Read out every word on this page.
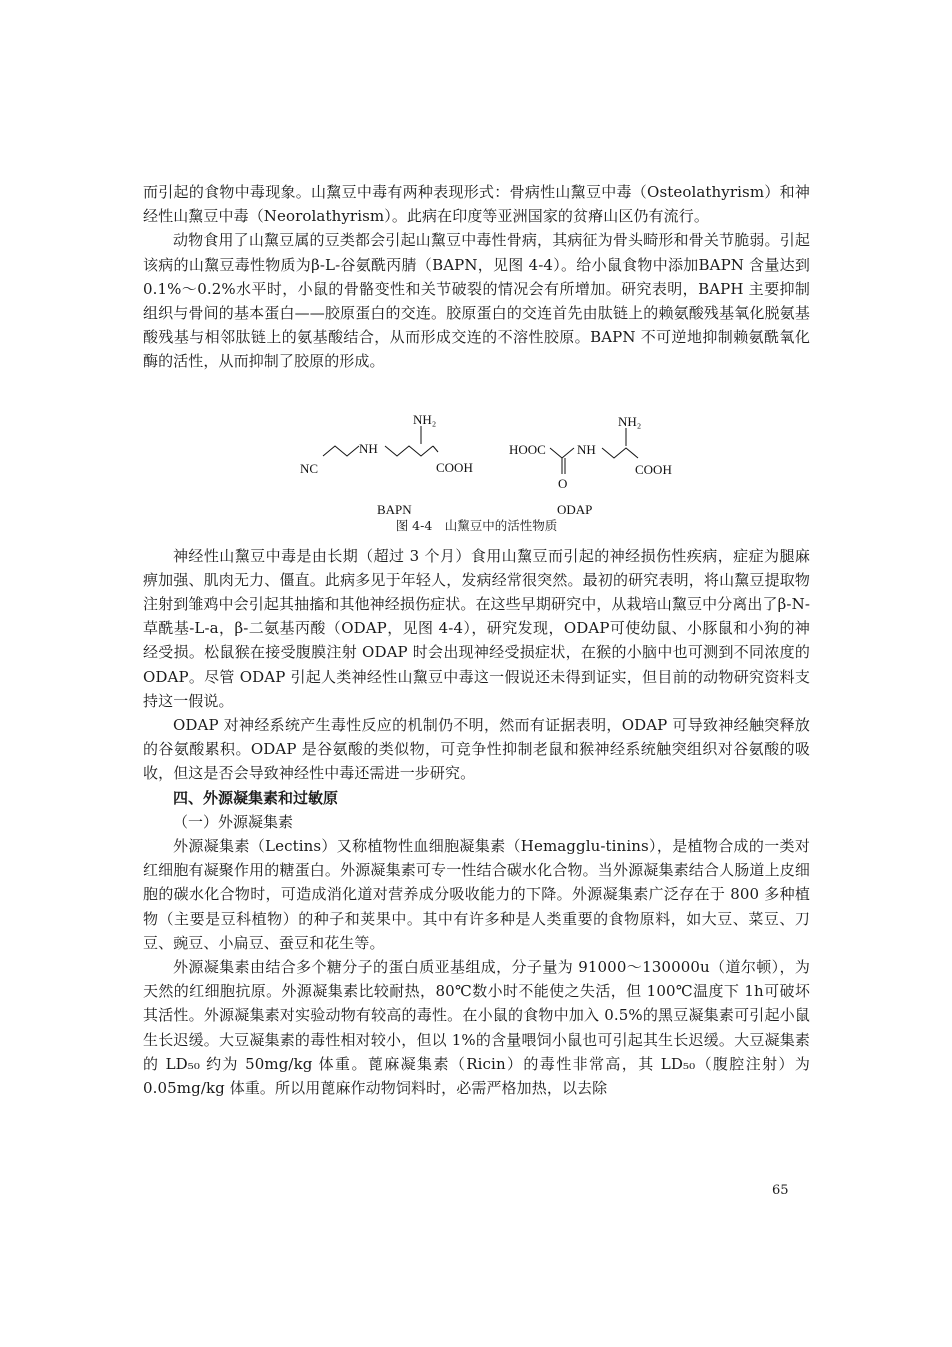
而引起的食物中毒现象。山黧豆中毒有两种表现形式：骨病性山黧豆中毒（Osteolathyrism）和神经性山黧豆中毒（Neorolathyrism）。此病在印度等亚洲国家的贫瘠山区仍有流行。

动物食用了山黧豆属的豆类都会引起山黧豆中毒性骨病，其病征为骨头畸形和骨关节脆弱。引起该病的山黧豆毒性物质为β-L-谷氨酰丙腈（BAPN，见图 4-4）。给小鼠食物中添加BAPN 含量达到 0.1%～0.2%水平时，小鼠的骨骼变性和关节破裂的情况会有所增加。研究表明，BAPH 主要抑制组织与骨间的基本蛋白——胶原蛋白的交连。胶原蛋白的交连首先由肽链上的赖氨酸残基氧化脱氨基酸残基与相邻肽链上的氨基酸结合，从而形成交连的不溶性胶原。BAPN 不可逆地抑制赖氨酰氧化酶的活性，从而抑制了胶原的形成。

NC
NH
NH₂
COOH
BAPN
HOOC NH
NH₂
COOH
O
ODAP
图 4-4　山黧豆中的活性物质

神经性山黧豆中毒是由长期（超过 3 个月）食用山黧豆而引起的神经损伤性疾病，症症为腿麻痹加强、肌肉无力、僵直。此病多见于年轻人，发病经常很突然。最初的研究表明，将山黧豆提取物注射到雏鸡中会引起其抽搐和其他神经损伤症状。在这些早期研究中，从栽培山黧豆中分离出了β-N-草酰基-L-a，β-二氨基丙酸（ODAP，见图 4-4），研究发现，ODAP可使幼鼠、小豚鼠和小狗的神经受损。松鼠猴在接受腹膜注射 ODAP 时会出现神经受损症状，在猴的小脑中也可测到不同浓度的 ODAP。尽管 ODAP 引起人类神经性山黧豆中毒这一假说还未得到证实，但目前的动物研究资料支持这一假说。

ODAP 对神经系统产生毒性反应的机制仍不明，然而有证据表明，ODAP 可导致神经触突释放的谷氨酸累积。ODAP 是谷氨酸的类似物，可竞争性抑制老鼠和猴神经系统触突组织对谷氨酸的吸收，但这是否会导致神经性中毒还需进一步研究。

四、外源凝集素和过敏原
（一）外源凝集素

外源凝集素（Lectins）又称植物性血细胞凝集素（Hemagglu-tinins），是植物合成的一类对红细胞有凝聚作用的糖蛋白。外源凝集素可专一性结合碳水化合物。当外源凝集素结合人肠道上皮细胞的碳水化合物时，可造成消化道对营养成分吸收能力的下降。外源凝集素广泛存在于 800 多种植物（主要是豆科植物）的种子和荚果中。其中有许多种是人类重要的食物原料，如大豆、菜豆、刀豆、豌豆、小扁豆、蚕豆和花生等。

外源凝集素由结合多个糖分子的蛋白质亚基组成，分子量为 91000～130000u（道尔顿），为天然的红细胞抗原。外源凝集素比较耐热，80℃数小时不能使之失活，但 100℃温度下 1h可破坏其活性。外源凝集素对实验动物有较高的毒性。在小鼠的食物中加入 0.5%的黑豆凝集素可引起小鼠生长迟缓。大豆凝集素的毒性相对较小，但以 1%的含量喂饲小鼠也可引起其生长迟缓。大豆凝集素的 LD₅₀ 约为 50mg/kg 体重。蓖麻凝集素（Ricin）的毒性非常高，其 LD₅₀（腹腔注射）为 0.05mg/kg 体重。所以用蓖麻作动物饲料时，必需严格加热，以去除

65
